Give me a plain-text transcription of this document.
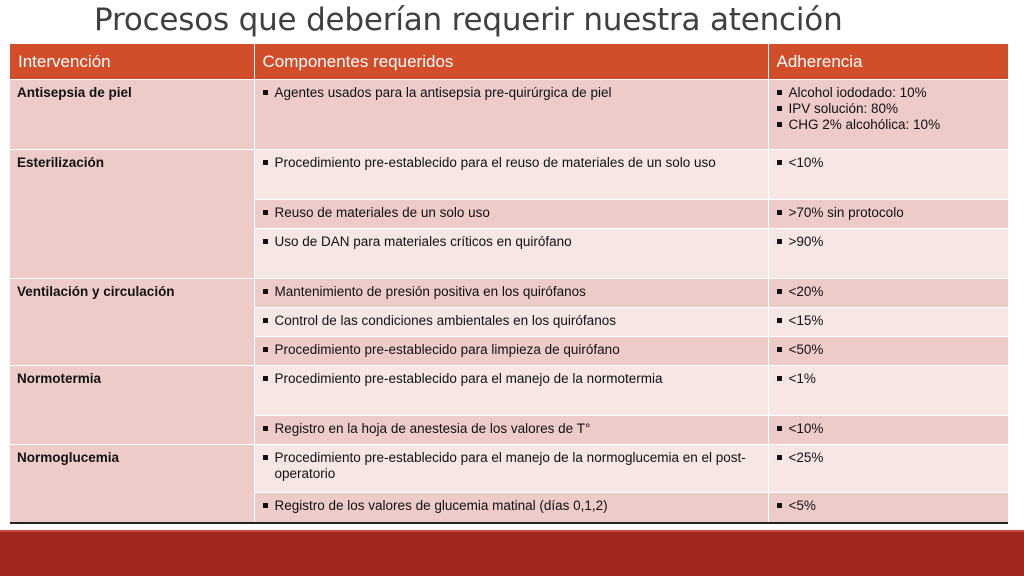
Procesos que deberían requerir nuestra atención
Intervención	Componentes requeridos	Adherencia
Antisepsia de piel	Agentes usados para la antisepsia pre-quirúrgica de piel	Alcohol iododado: 10%
IPV solución: 80%
CHG 2% alcohólica: 10%

Esterilización	Procedimiento pre-establecido para el reuso de materiales de un solo uso	<10%

	Reuso de materiales de un solo uso	>70% sin protocolo

	Uso de DAN para materiales críticos en quirófano	>90%

Ventilación y circulación	Mantenimiento de presión positiva en los quirófanos	<20%

	Control de las condiciones ambientales en los quirófanos	<15%

	Procedimiento pre-establecido para limpieza de quirófano	<50%

Normotermia	Procedimiento pre-establecido para el manejo de la normotermia	<1%

	Registro en la hoja de anestesia de los valores de T°	<10%

Normoglucemia	Procedimiento pre-establecido para el manejo de la normoglucemia en el post-operatorio	<25%

	Registro de los valores de glucemia matinal (días 0,1,2)	<5%
